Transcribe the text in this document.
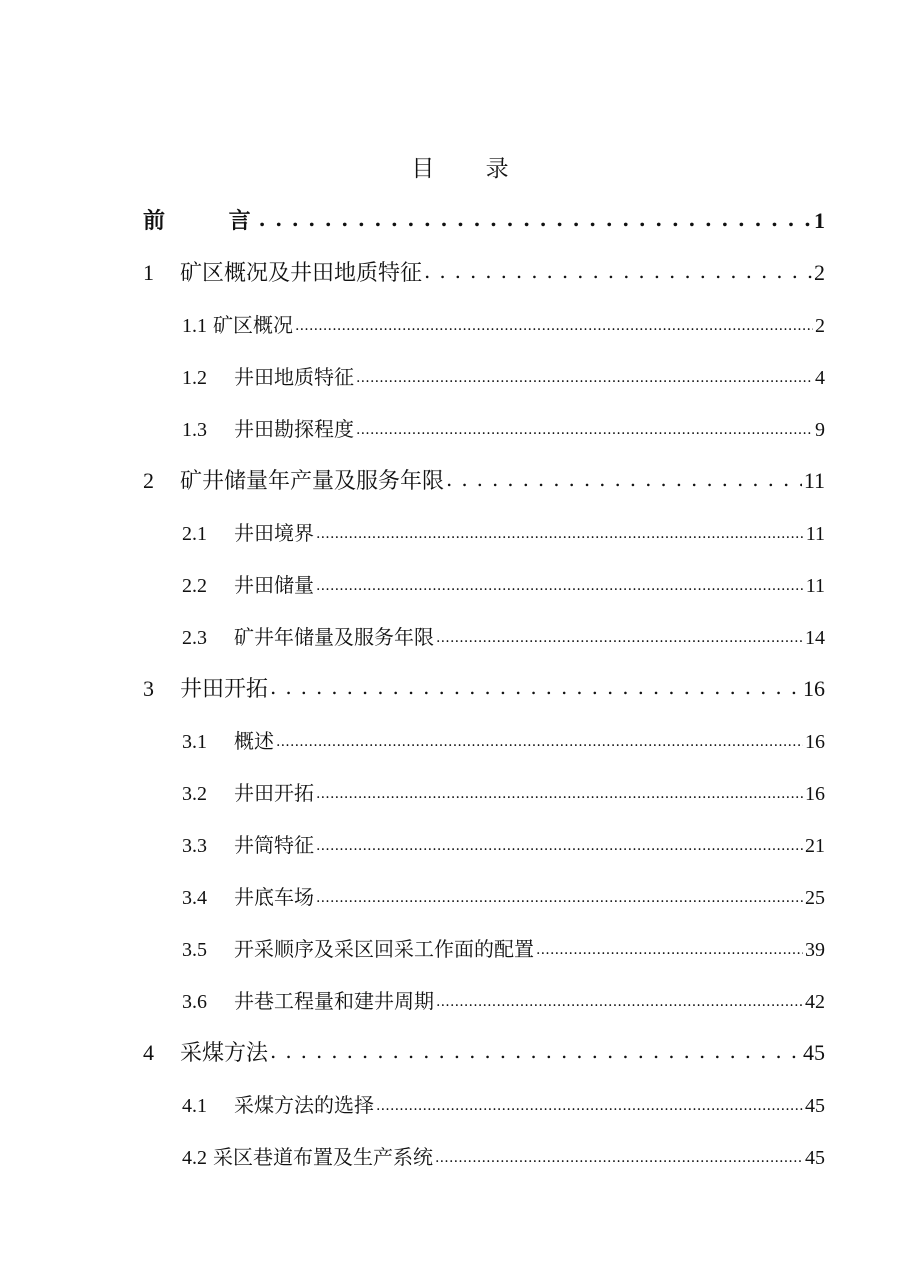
目 录
前 言 . . .	1
1	矿区概况及井田地质特征 . . .	2
1.1 矿区概况 .....	2
1.2	井田地质特征 .....	4
1.3	井田勘探程度 .....	9
2	矿井储量年产量及服务年限 . . .	11
2.1	井田境界 .....	11
2.2	井田储量 .....	11
2.3	矿井年储量及服务年限 .....	14
3	井田开拓 . . .	16
3.1	概述 .....	16
3.2	井田开拓 .....	16
3.3	井筒特征 .....	21
3.4	井底车场 .....	25
3.5	开采顺序及采区回采工作面的配置 .....	39
3.6	井巷工程量和建井周期 .....	42
4	采煤方法 . . .	45
4.1	采煤方法的选择 .....	45
4.2 采区巷道布置及生产系统 .....	45
